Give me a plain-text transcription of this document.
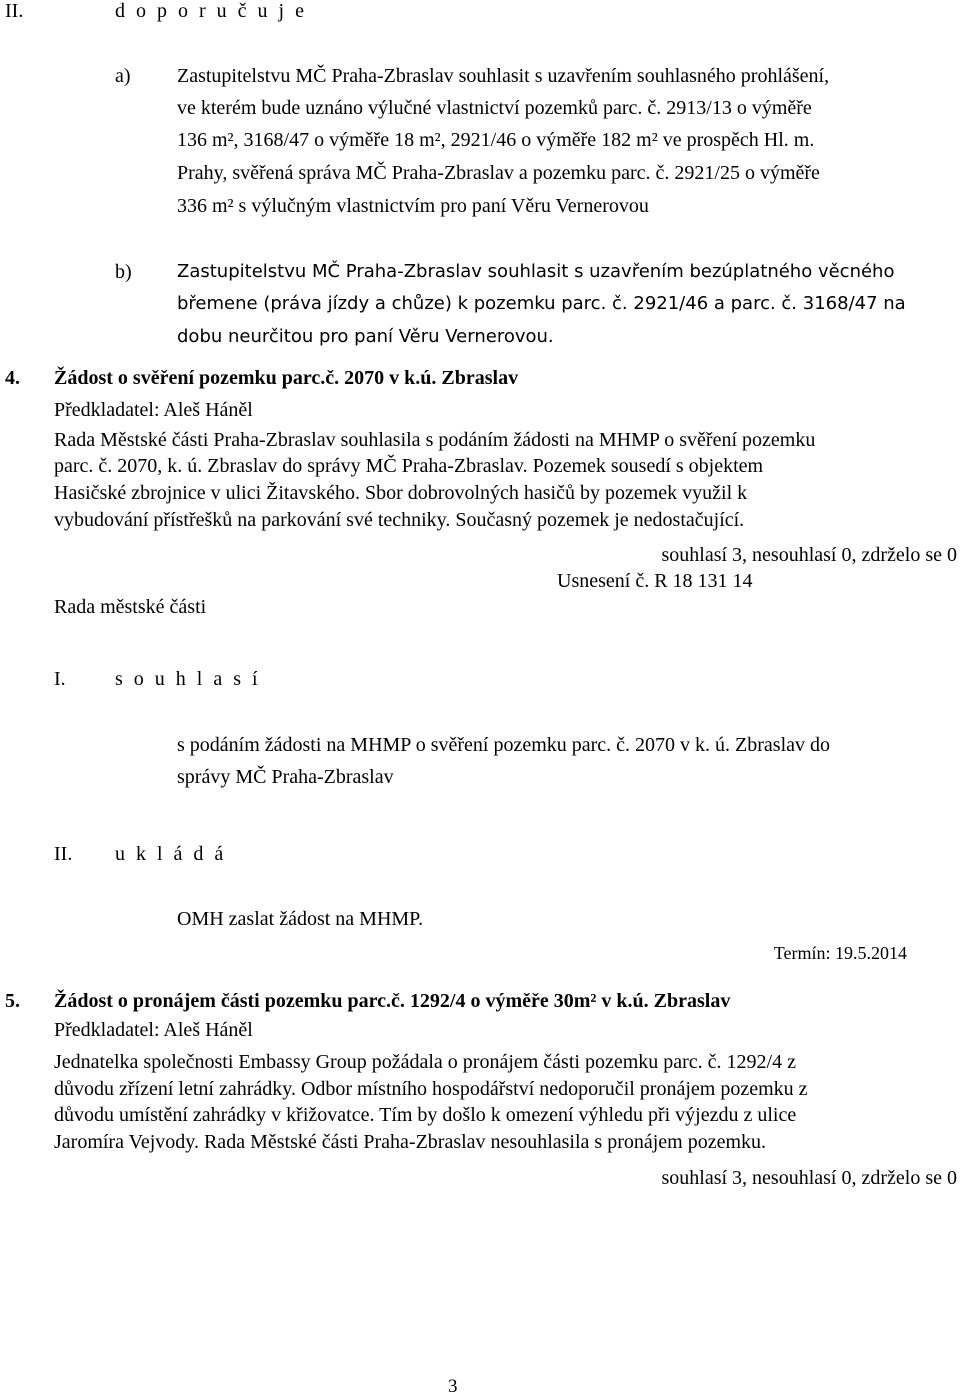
II.	d o p o r u č u j e
a) Zastupitelstvu MČ Praha-Zbraslav souhlasit s uzavřením souhlasného prohlášení,
ve kterém bude uznáno výlučné vlastnictví pozemků parc. č. 2913/13 o výměře
136 m², 3168/47 o výměře 18 m², 2921/46 o výměře 182 m² ve prospěch Hl. m.
Prahy, svěřená správa MČ Praha-Zbraslav a pozemku parc. č. 2921/25 o výměře
336 m² s výlučným vlastnictvím pro paní Věru Vernerovou
b)	Zastupitelstvu MČ Praha-Zbraslav souhlasit s uzavřením bezúplatného věcného
břemene (práva jízdy a chůze) k pozemku parc. č. 2921/46 a parc. č. 3168/47 na
dobu neurčitou pro paní Věru Vernerovou.
4. Žádost o svěření pozemku parc.č. 2070 v k.ú. Zbraslav
Předkladatel: Aleš Háněl
Rada Městské části Praha-Zbraslav souhlasila s podáním žádosti na MHMP o svěření pozemku
parc. č. 2070, k. ú. Zbraslav do správy MČ Praha-Zbraslav. Pozemek sousedí s objektem
Hasičské zbrojnice v ulici Žitavského. Sbor dobrovolných hasičů by pozemek využil k
vybudování přístřešků na parkování své techniky. Současný pozemek je nedostačující.
souhlasí 3, nesouhlasí 0, zdrželo se 0
Usnesení č. R 18 131 14
Rada městské části
I. s o u h l a s í
s podáním žádosti na MHMP o svěření pozemku parc. č. 2070 v k. ú. Zbraslav do
správy MČ Praha-Zbraslav
II. u k l á d á
OMH zaslat žádost na MHMP.
Termín: 19.5.2014
5. Žádost o pronájem části pozemku parc.č. 1292/4 o výměře 30m² v k.ú. Zbraslav
Předkladatel: Aleš Háněl
Jednatelka společnosti Embassy Group požádala o pronájem části pozemku parc. č. 1292/4 z
důvodu zřízení letní zahrádky. Odbor místního hospodářství nedoporučil pronájem pozemku z
důvodu umístění zahrádky v křižovatce. Tím by došlo k omezení výhledu při výjezdu z ulice
Jaromíra Vejvody. Rada Městské části Praha-Zbraslav nesouhlasila s pronájem pozemku.
souhlasí 3, nesouhlasí 0, zdrželo se 0
3
